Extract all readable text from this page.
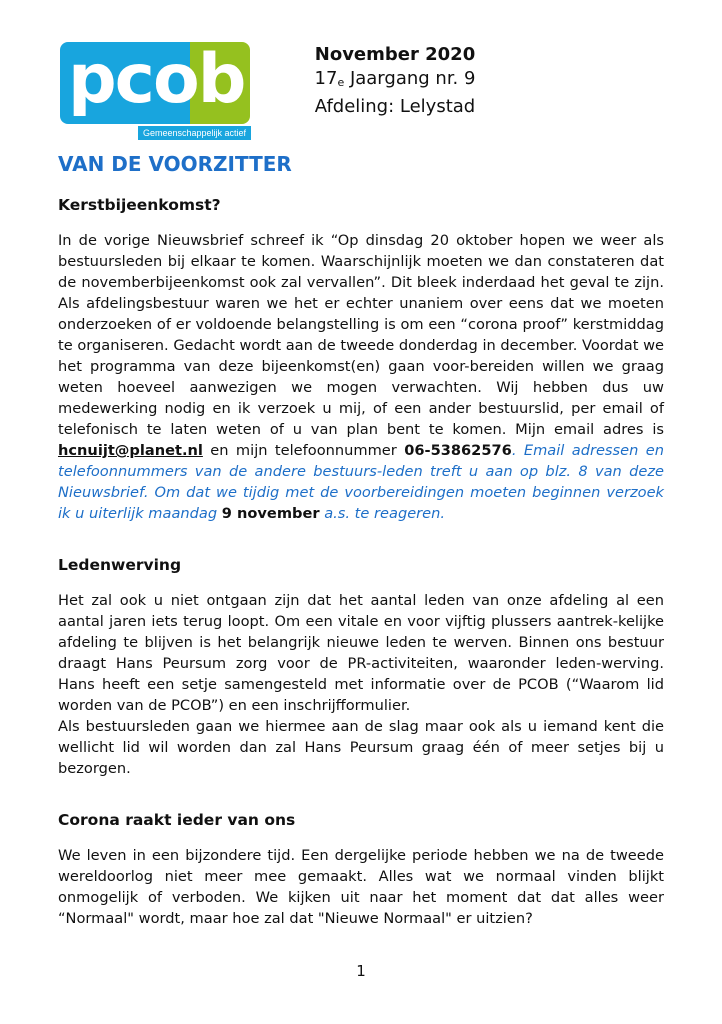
pcob
Gemeenschappelijk actief
November 2020
$17_e$ Jaargang nr. 9
Afdeling: Lelystad
VAN DE VOORZITTER
Kerstbijeenkomst?

In de vorige Nieuwsbrief schreef ik “Op dinsdag 20 oktober hopen we weer als bestuursleden bij elkaar te komen. Waarschijnlijk moeten we dan constateren dat de novemberbijeenkomst ook zal vervallen”. Dit bleek inderdaad het geval te zijn. Als afdelingsbestuur waren we het er echter unaniem over eens dat we moeten onderzoeken of er voldoende belangstelling is om een “corona proof” kerstmiddag te organiseren. Gedacht wordt aan de tweede donderdag in december. Voordat we het programma van deze bijeenkomst(en) gaan voor-bereiden willen we graag weten hoeveel aanwezigen we mogen verwachten. Wij hebben dus uw medewerking nodig en ik verzoek u mij, of een ander bestuurslid, per email of telefonisch te laten weten of u van plan bent te komen. Mijn email adres is hcnuijt@planet.nl en mijn telefoonnummer 06-53862576. Email adressen en telefoonnummers van de andere bestuurs-leden treft u aan op blz. 8 van deze Nieuwsbrief. Om dat we tijdig met de voorbereidingen moeten beginnen verzoek ik u uiterlijk maandag 9 november a.s. te reageren.

Ledenwerving

Het zal ook u niet ontgaan zijn dat het aantal leden van onze afdeling al een aantal jaren iets terug loopt. Om een vitale en voor vijftig plussers aantrek-kelijke afdeling te blijven is het belangrijk nieuwe leden te werven. Binnen ons bestuur draagt Hans Peursum zorg voor de PR-activiteiten, waaronder leden-werving. Hans heeft een setje samengesteld met informatie over de PCOB (“Waarom lid worden van de PCOB”) en een inschrijfformulier.

Als bestuursleden gaan we hiermee aan de slag maar ook als u iemand kent die wellicht lid wil worden dan zal Hans Peursum graag één of meer setjes bij u bezorgen.

Corona raakt ieder van ons

We leven in een bijzondere tijd. Een dergelijke periode hebben we na de tweede wereldoorlog niet meer mee gemaakt. Alles wat we normaal vinden blijkt onmogelijk of verboden. We kijken uit naar het moment dat dat alles weer “Normaal" wordt, maar hoe zal dat "Nieuwe Normaal" er uitzien?

1
